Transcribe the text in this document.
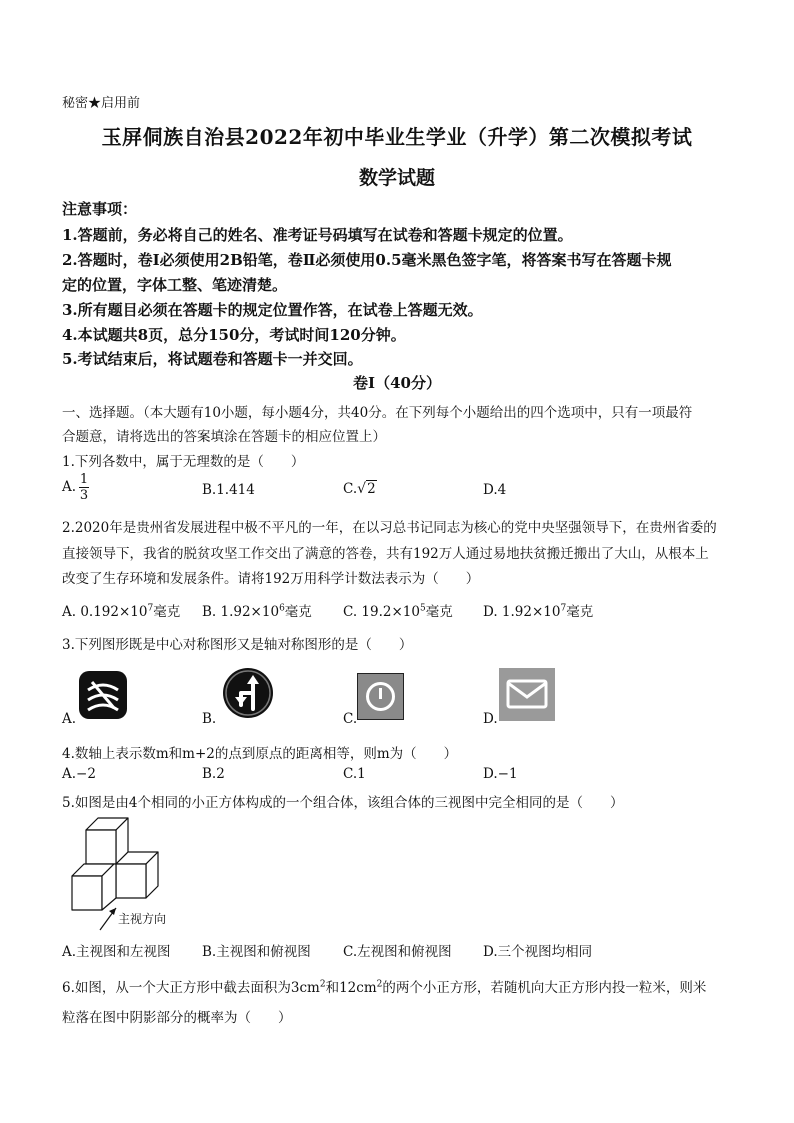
秘密★启用前
玉屏侗族自治县2022年初中毕业生学业（升学）第二次模拟考试
数学试题
注意事项：
1.答题前，务必将自己的姓名、准考证号码填写在试卷和答题卡规定的位置。
2.答题时，卷Ⅰ必须使用2B铅笔，卷Ⅱ必须使用0.5毫米黑色签字笔，将答案书写在答题卡规
定的位置，字体工整、笔迹清楚。
3.所有题目必须在答题卡的规定位置作答，在试卷上答题无效。
4.本试题共8页，总分150分，考试时间120分钟。
5.考试结束后，将试题卷和答题卡一并交回。
卷Ⅰ（40分）
一、选择题。（本大题有10小题，每小题4分，共40分。在下列每个小题给出的四个选项中，只有一项最符
合题意，请将选出的答案填涂在答题卡的相应位置上）
1.下列各数中，属于无理数的是（　　）
A. $\frac{1}{3}$	B.1.414	C.√2	D.4
2.2020年是贵州省发展进程中极不平凡的一年，在以习总书记同志为核心的党中央坚强领导下，在贵州省委的
直接领导下，我省的脱贫攻坚工作交出了满意的答卷，共有192万人通过易地扶贫搬迁搬出了大山，从根本上
改变了生存环境和发展条件。请将192万用科学计数法表示为（　　）
A. $0.192\times 10^7$毫克 B. $1.92\times 10^6$毫克 C. $19.2\times 10^5$毫克 D. $1.92\times 10^7$毫克
3.下列图形既是中心对称图形又是轴对称图形的是（　　）
A.	B.	C.	D.
4.数轴上表示数m和m+2的点到原点的距离相等，则m为（　　）
A.−2	B.2	C.1	D.−1
5.如图是由4个相同的小正方体构成的一个组合体，该组合体的三视图中完全相同的是（　　）
主视方向
A.主视图和左视图 B.主视图和俯视图 C.左视图和俯视图 D.三个视图均相同
6.如图，从一个大正方形中截去面积为$3cm^2$和$12cm^2$的两个小正方形，若随机向大正方形内投一粒米，则米
粒落在图中阴影部分的概率为（　　）
